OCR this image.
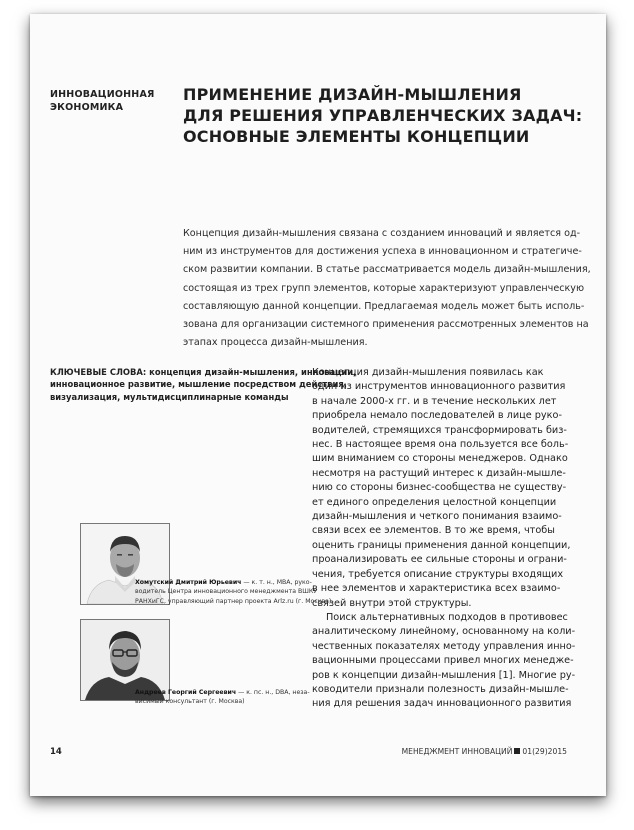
ИННОВАЦИОННАЯ
ЭКОНОМИКА
ПРИМЕНЕНИЕ ДИЗАЙН-МЫШЛЕНИЯ
ДЛЯ РЕШЕНИЯ УПРАВЛЕНЧЕСКИХ ЗАДАЧ:
ОСНОВНЫЕ ЭЛЕМЕНТЫ КОНЦЕПЦИИ
Концепция дизайн-мышления связана с созданием инноваций и является од-
ним из инструментов для достижения успеха в инновационном и стратегиче-
ском развитии компании. В статье рассматривается модель дизайн-мышления,
состоящая из трех групп элементов, которые характеризуют управленческую
составляющую данной концепции. Предлагаемая модель может быть исполь-
зована для организации системного применения рассмотренных элементов на
этапах процесса дизайн-мышления.
КЛЮЧЕВЫЕ СЛОВА: концепция дизайн-мышления, инновации,
инновационное развитие, мышление посредством действия,
визуализация, мультидисциплинарные команды
Концепция дизайн-мышления появилась как
один из инструментов инновационного развития
в начале 2000-х гг. и в течение нескольких лет
приобрела немало последователей в лице руко-
водителей, стремящихся трансформировать биз-
нес. В настоящее время она пользуется все боль-
шим вниманием со стороны менеджеров. Однако
несмотря на растущий интерес к дизайн-мышле-
нию со стороны бизнес-сообщества не существу-
ет единого определения целостной концепции
дизайн-мышления и четкого понимания взаимо-
связи всех ее элементов. В то же время, чтобы
оценить границы применения данной концепции,
проанализировать ее сильные стороны и ограни-
чения, требуется описание структуры входящих
в нее элементов и характеристика всех взаимо-
связей внутри этой структуры.
Поиск альтернативных подходов в противовес
аналитическому линейному, основанному на коли-
чественных показателях методу управления инно-
вационными процессами привел многих менедже-
ров к концепции дизайн-мышления [1]. Многие ру-
ководители признали полезность дизайн-мышле-
ния для решения задач инновационного развития
Хомутский Дмитрий Юрьевич — к. т. н., МВА, руко-
водитель Центра инновационного менеджмента ВШКУ
РАНХиГС, управляющий партнер проекта Arlz.ru (г. Москва)
Андреев Георгий Сергеевич — к. пс. н., DBA, неза-
висимый консультант (г. Москва)
14	МЕНЕДЖМЕНТ ИННОВАЦИЙ 01(29)2015
